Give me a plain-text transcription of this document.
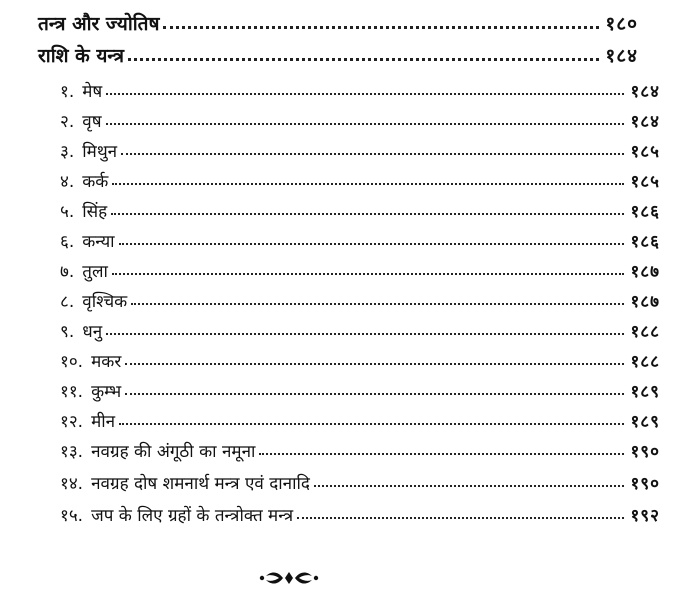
तन्त्र और ज्योतिष	१८०
राशि के यन्त्र	१८४
१. मेष	१८४
२. वृष	१८४
३. मिथुन	१८५
४. कर्क	१८५
५. सिंह	१८६
६. कन्या	१८६
७. तुला	१८७
८. वृश्चिक	१८७
९. धनु	१८८
१०. मकर	१८८
११. कुम्भ	१८९
१२. मीन	१८९
१३. नवग्रह की अंगूठी का नमूना	१९०
१४. नवग्रह दोष शमनार्थ मन्त्र एवं दानादि	१९०
१५. जप के लिए ग्रहों के तन्त्रोक्त मन्त्र	१९२
